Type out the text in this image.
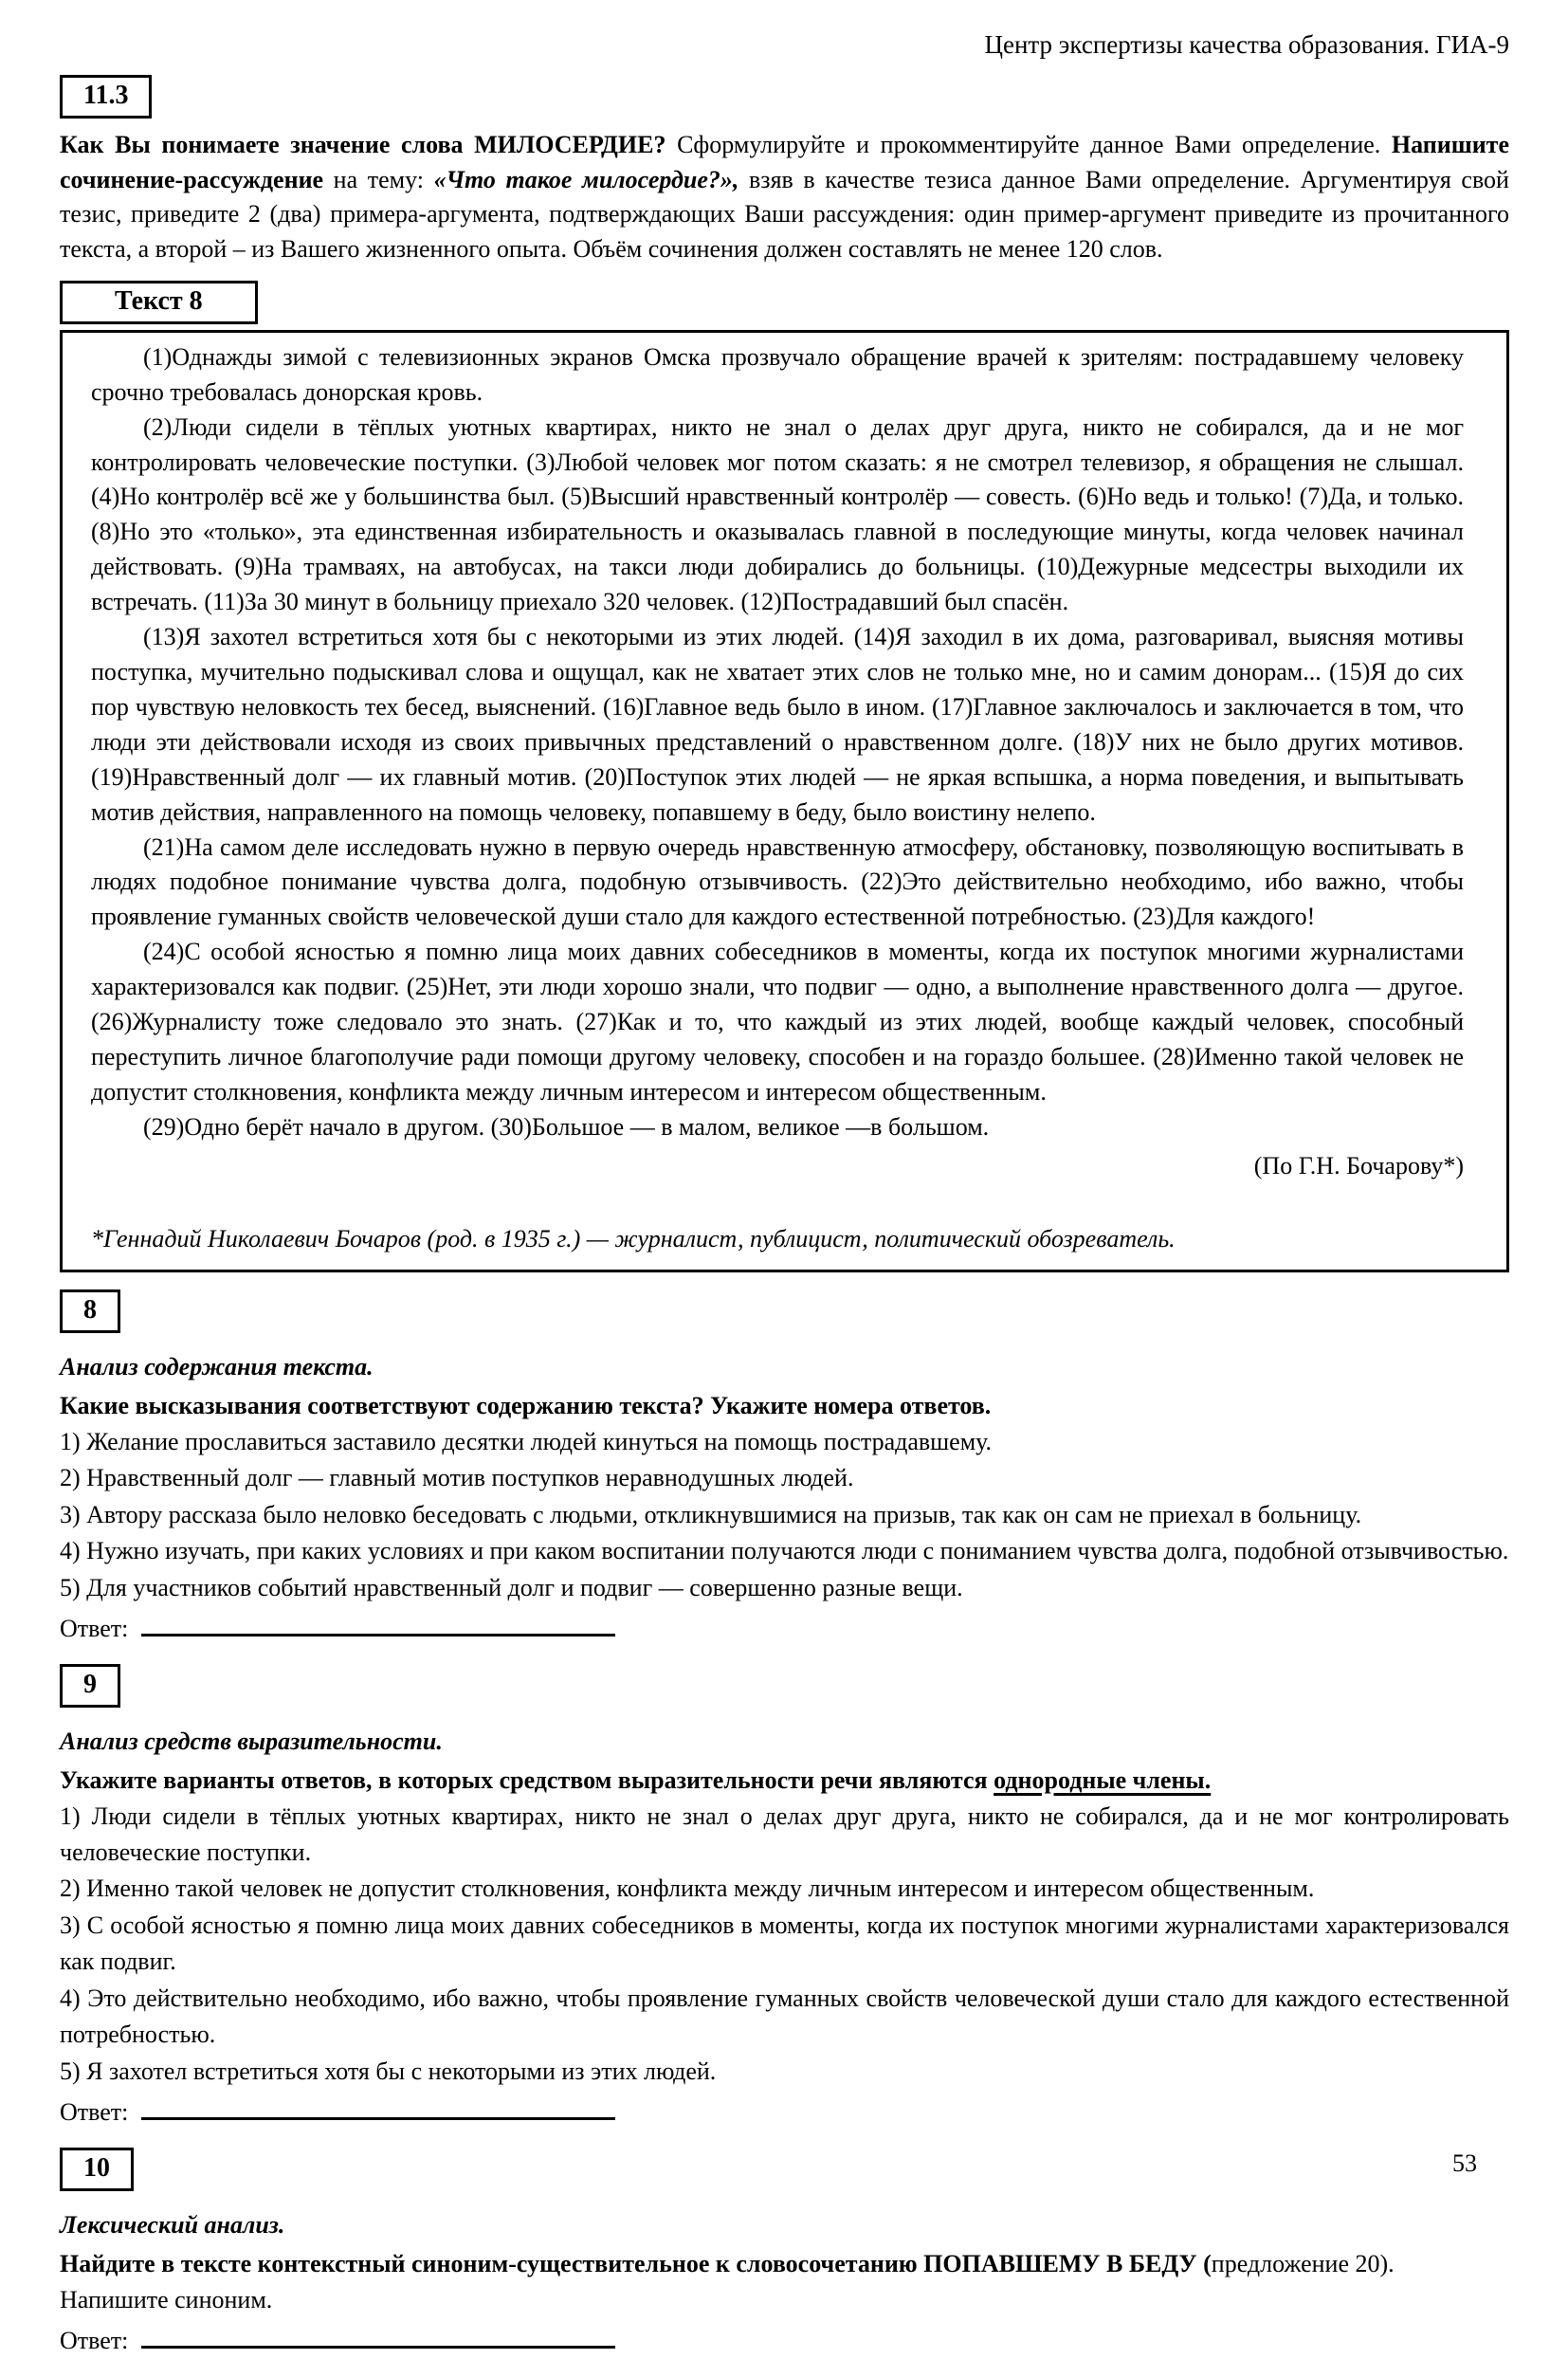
Центр экспертизы качества образования. ГИА-9
11.3

Как Вы понимаете значение слова МИЛОСЕРДИЕ? Сформулируйте и прокомментируйте данное Вами определение. Напишите сочинение-рассуждение на тему: «Что такое милосердие?», взяв в качестве тезиса данное Вами определение. Аргументируя свой тезис, приведите 2 (два) примера-аргумента, подтверждающих Ваши рассуждения: один пример-аргумент приведите из прочитанного текста, а второй – из Вашего жизненного опыта. Объём сочинения должен составлять не менее 120 слов.

Текст 8

(1)Однажды зимой с телевизионных экранов Омска прозвучало обращение врачей к зрителям: пострадавшему человеку срочно требовалась донорская кровь.

(2)Люди сидели в тёплых уютных квартирах, никто не знал о делах друг друга, никто не собирался, да и не мог контролировать человеческие поступки. (3)Любой человек мог потом сказать: я не смотрел телевизор, я обращения не слышал. (4)Но контролёр всё же у большинства был. (5)Высший нравственный контролёр — совесть. (6)Но ведь и только! (7)Да, и только. (8)Но это «только», эта единственная избирательность и оказывалась главной в последующие минуты, когда человек начинал действовать. (9)На трамваях, на автобусах, на такси люди добирались до больницы. (10)Дежурные медсестры выходили их встречать. (11)За 30 минут в больницу приехало 320 человек. (12)Пострадавший был спасён.

(13)Я захотел встретиться хотя бы с некоторыми из этих людей. (14)Я заходил в их дома, разговаривал, выясняя мотивы поступка, мучительно подыскивал слова и ощущал, как не хватает этих слов не только мне, но и самим донорам... (15)Я до сих пор чувствую неловкость тех бесед, выяснений. (16)Главное ведь было в ином. (17)Главное заключалось и заключается в том, что люди эти действовали исходя из своих привычных представлений о нравственном долге. (18)У них не было других мотивов. (19)Нравственный долг — их главный мотив. (20)Поступок этих людей — не яркая вспышка, а норма поведения, и выпытывать мотив действия, направленного на помощь человеку, попавшему в беду, было воистину нелепо.

(21)На самом деле исследовать нужно в первую очередь нравственную атмосферу, обстановку, позволяющую воспитывать в людях подобное понимание чувства долга, подобную отзывчивость. (22)Это действительно необходимо, ибо важно, чтобы проявление гуманных свойств человеческой души стало для каждого естественной потребностью. (23)Для каждого!

(24)С особой ясностью я помню лица моих давних собеседников в моменты, когда их поступок многими журналистами характеризовался как подвиг. (25)Нет, эти люди хорошо знали, что подвиг — одно, а выполнение нравственного долга — другое. (26)Журналисту тоже следовало это знать. (27)Как и то, что каждый из этих людей, вообще каждый человек, способный переступить личное благополучие ради помощи другому человеку, способен и на гораздо большее. (28)Именно такой человек не допустит столкновения, конфликта между личным интересом и интересом общественным.

(29)Одно берёт начало в другом. (30)Большое — в малом, великое —в большом.

(По Г.Н. Бочарову*)

*Геннадий Николаевич Бочаров (род. в 1935 г.) — журналист, публицист, политический обозреватель.

8

Анализ содержания текста.

Какие высказывания соответствуют содержанию текста? Укажите номера ответов.

1) Желание прославиться заставило десятки людей кинуться на помощь пострадавшему.

2) Нравственный долг — главный мотив поступков неравнодушных людей.

3) Автору рассказа было неловко беседовать с людьми, откликнувшимися на призыв, так как он сам не приехал в больницу.

4) Нужно изучать, при каких условиях и при каком воспитании получаются люди с пониманием чувства долга, подобной отзывчивостью.

5) Для участников событий нравственный долг и подвиг — совершенно разные вещи.

Ответ:
9

Анализ средств выразительности.

Укажите варианты ответов, в которых средством выразительности речи являются однородные члены.

1) Люди сидели в тёплых уютных квартирах, никто не знал о делах друг друга, никто не собирался, да и не мог контролировать человеческие поступки.

2) Именно такой человек не допустит столкновения, конфликта между личным интересом и интересом общественным.

3) С особой ясностью я помню лица моих давних собеседников в моменты, когда их поступок многими журналистами характеризовался как подвиг.

4) Это действительно необходимо, ибо важно, чтобы проявление гуманных свойств человеческой души стало для каждого естественной потребностью.

5) Я захотел встретиться хотя бы с некоторыми из этих людей.

Ответ:
10

Лексический анализ.

Найдите в тексте контекстный синоним-существительное к словосочетанию ПОПАВШЕМУ В БЕДУ (предложение 20).

Напишите синоним.

Ответ:
53
